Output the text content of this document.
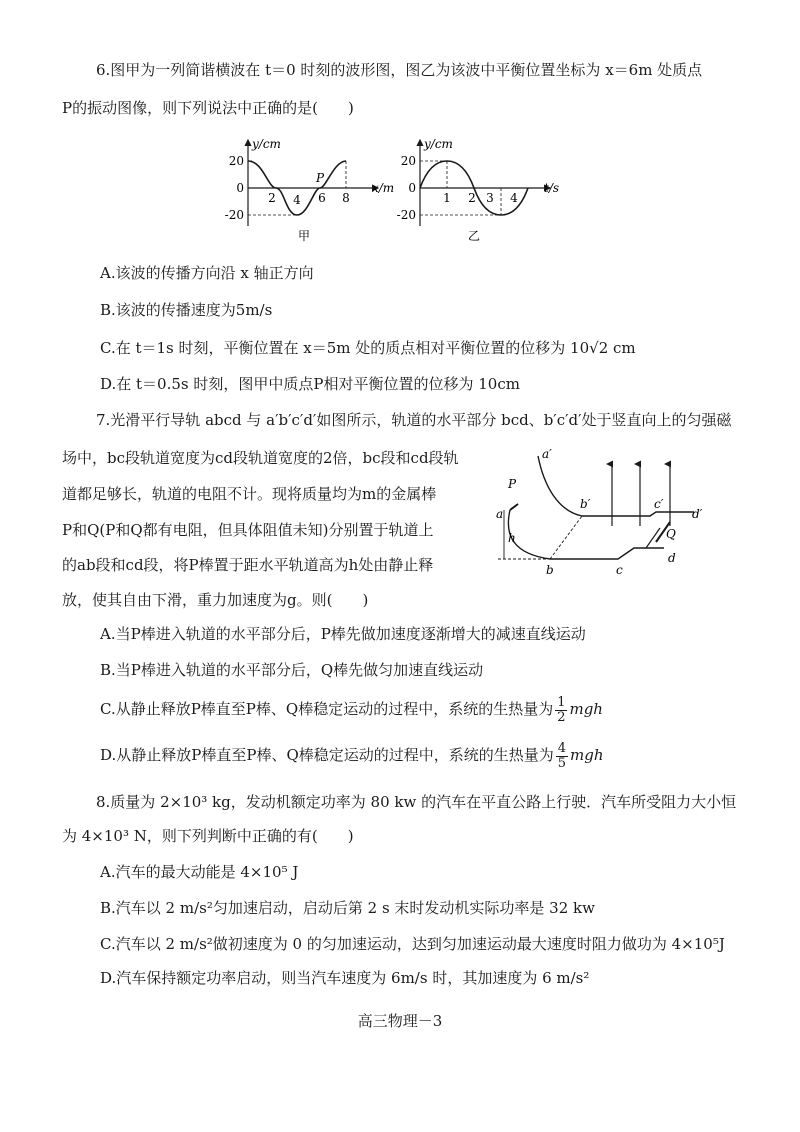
6.图甲为一列简谐横波在 t＝0 时刻的波形图，图乙为该波中平衡位置坐标为 x＝6m 处质点
P的振动图像，则下列说法中正确的是(　　)
20
0
-20
y/cm
x/m
2 4 6 8
P
甲
20
0
-20
y/cm
t/s
1 2 3 4
乙
A.该波的传播方向沿 x 轴正方向
B.该波的传播速度为5m/s
C.在 t＝1s 时刻，平衡位置在 x＝5m 处的质点相对平衡位置的位移为 10√2 cm
D.在 t＝0.5s 时刻，图甲中质点P相对平衡位置的位移为 10cm
7.光滑平行导轨 abcd 与 a′b′c′d′如图所示，轨道的水平部分 bcd、b′c′d′处于竖直向上的匀强磁
场中，bc段轨道宽度为cd段轨道宽度的2倍，bc段和cd段轨
道都足够长，轨道的电阻不计。现将质量均为m的金属棒
P和Q(P和Q都有电阻，但具体阻值未知)分别置于轨道上
的ab段和cd段，将P棒置于距水平轨道高为h处由静止释
放，使其自由下滑，重力加速度为g。则(　　)
a′
b′	c′
d′
a
b	c
d
P
Q
h
A.当P棒进入轨道的水平部分后，P棒先做加速度逐渐增大的减速直线运动
B.当P棒进入轨道的水平部分后，Q棒先做匀加速直线运动
C.从静止释放P棒直至P棒、Q棒稳定运动的过程中，系统的生热量为 $\frac{1}{2}$ mgh
D.从静止释放P棒直至P棒、Q棒稳定运动的过程中，系统的生热量为 $\frac{4}{5}$ mgh
8.质量为 2×10³ kg，发动机额定功率为 80 kw 的汽车在平直公路上行驶．汽车所受阻力大小恒
为 4×10³ N，则下列判断中正确的有(　　)
A.汽车的最大动能是 4×10⁵ J
B.汽车以 2 m/s²匀加速启动，启动后第 2 s 末时发动机实际功率是 32 kw
C.汽车以 2 m/s²做初速度为 0 的匀加速运动，达到匀加速运动最大速度时阻力做功为 4×10⁵J
D.汽车保持额定功率启动，则当汽车速度为 6m/s 时，其加速度为 6 m/s²
高三物理－3
